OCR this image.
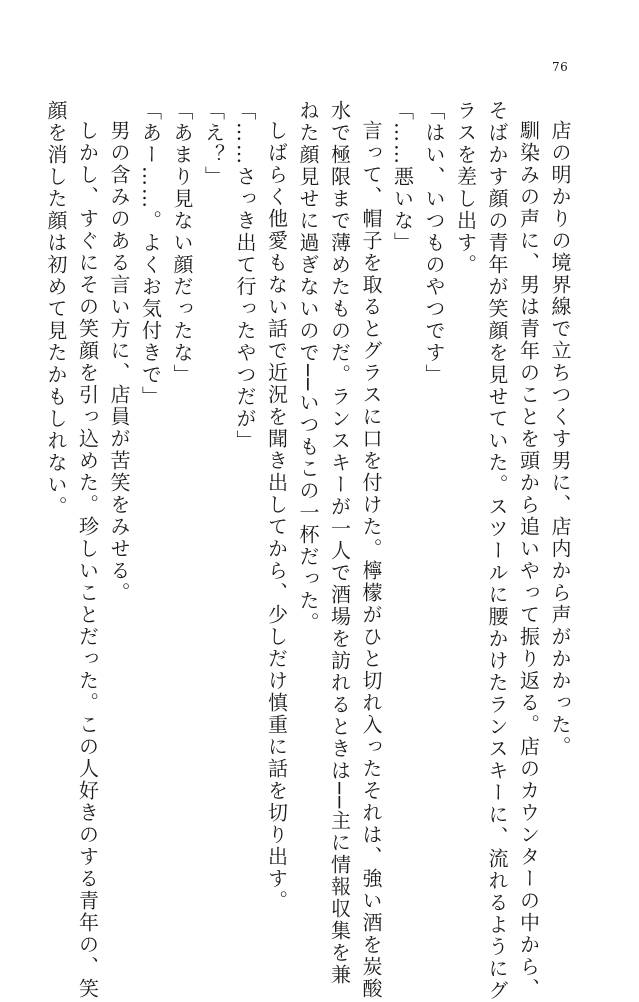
76
店の明かりの境界線で立ちつくす男に、店内から声がかかった。
馴染みの声に、男は青年のことを頭から追いやって振り返る。店のカウンターの中から、
そばかす顔の青年が笑顔を見せていた。スツールに腰かけたランスキーに、流れるようにグ
ラスを差し出す。
「はい、いつものやつです」
「……悪いな」
言って、帽子を取るとグラスに口を付けた。檸檬がひと切れ入ったそれは、強い酒を炭酸
水で極限まで薄めたものだ。ランスキーが一人で酒場を訪れるときは──主に情報収集を兼
ねた顔見せに過ぎないので──いつもこの一杯だった。
しばらく他愛もない話で近況を聞き出してから、少しだけ慎重に話を切り出す。
「……さっき出て行ったやつだが」
「え？」
「あまり見ない顔だったな」
「あー……。よくお気付きで」
男の含みのある言い方に、店員が苦笑をみせる。
しかし、すぐにその笑顔を引っ込めた。珍しいことだった。この人好きのする青年の、笑
顔を消した顔は初めて見たかもしれない。
